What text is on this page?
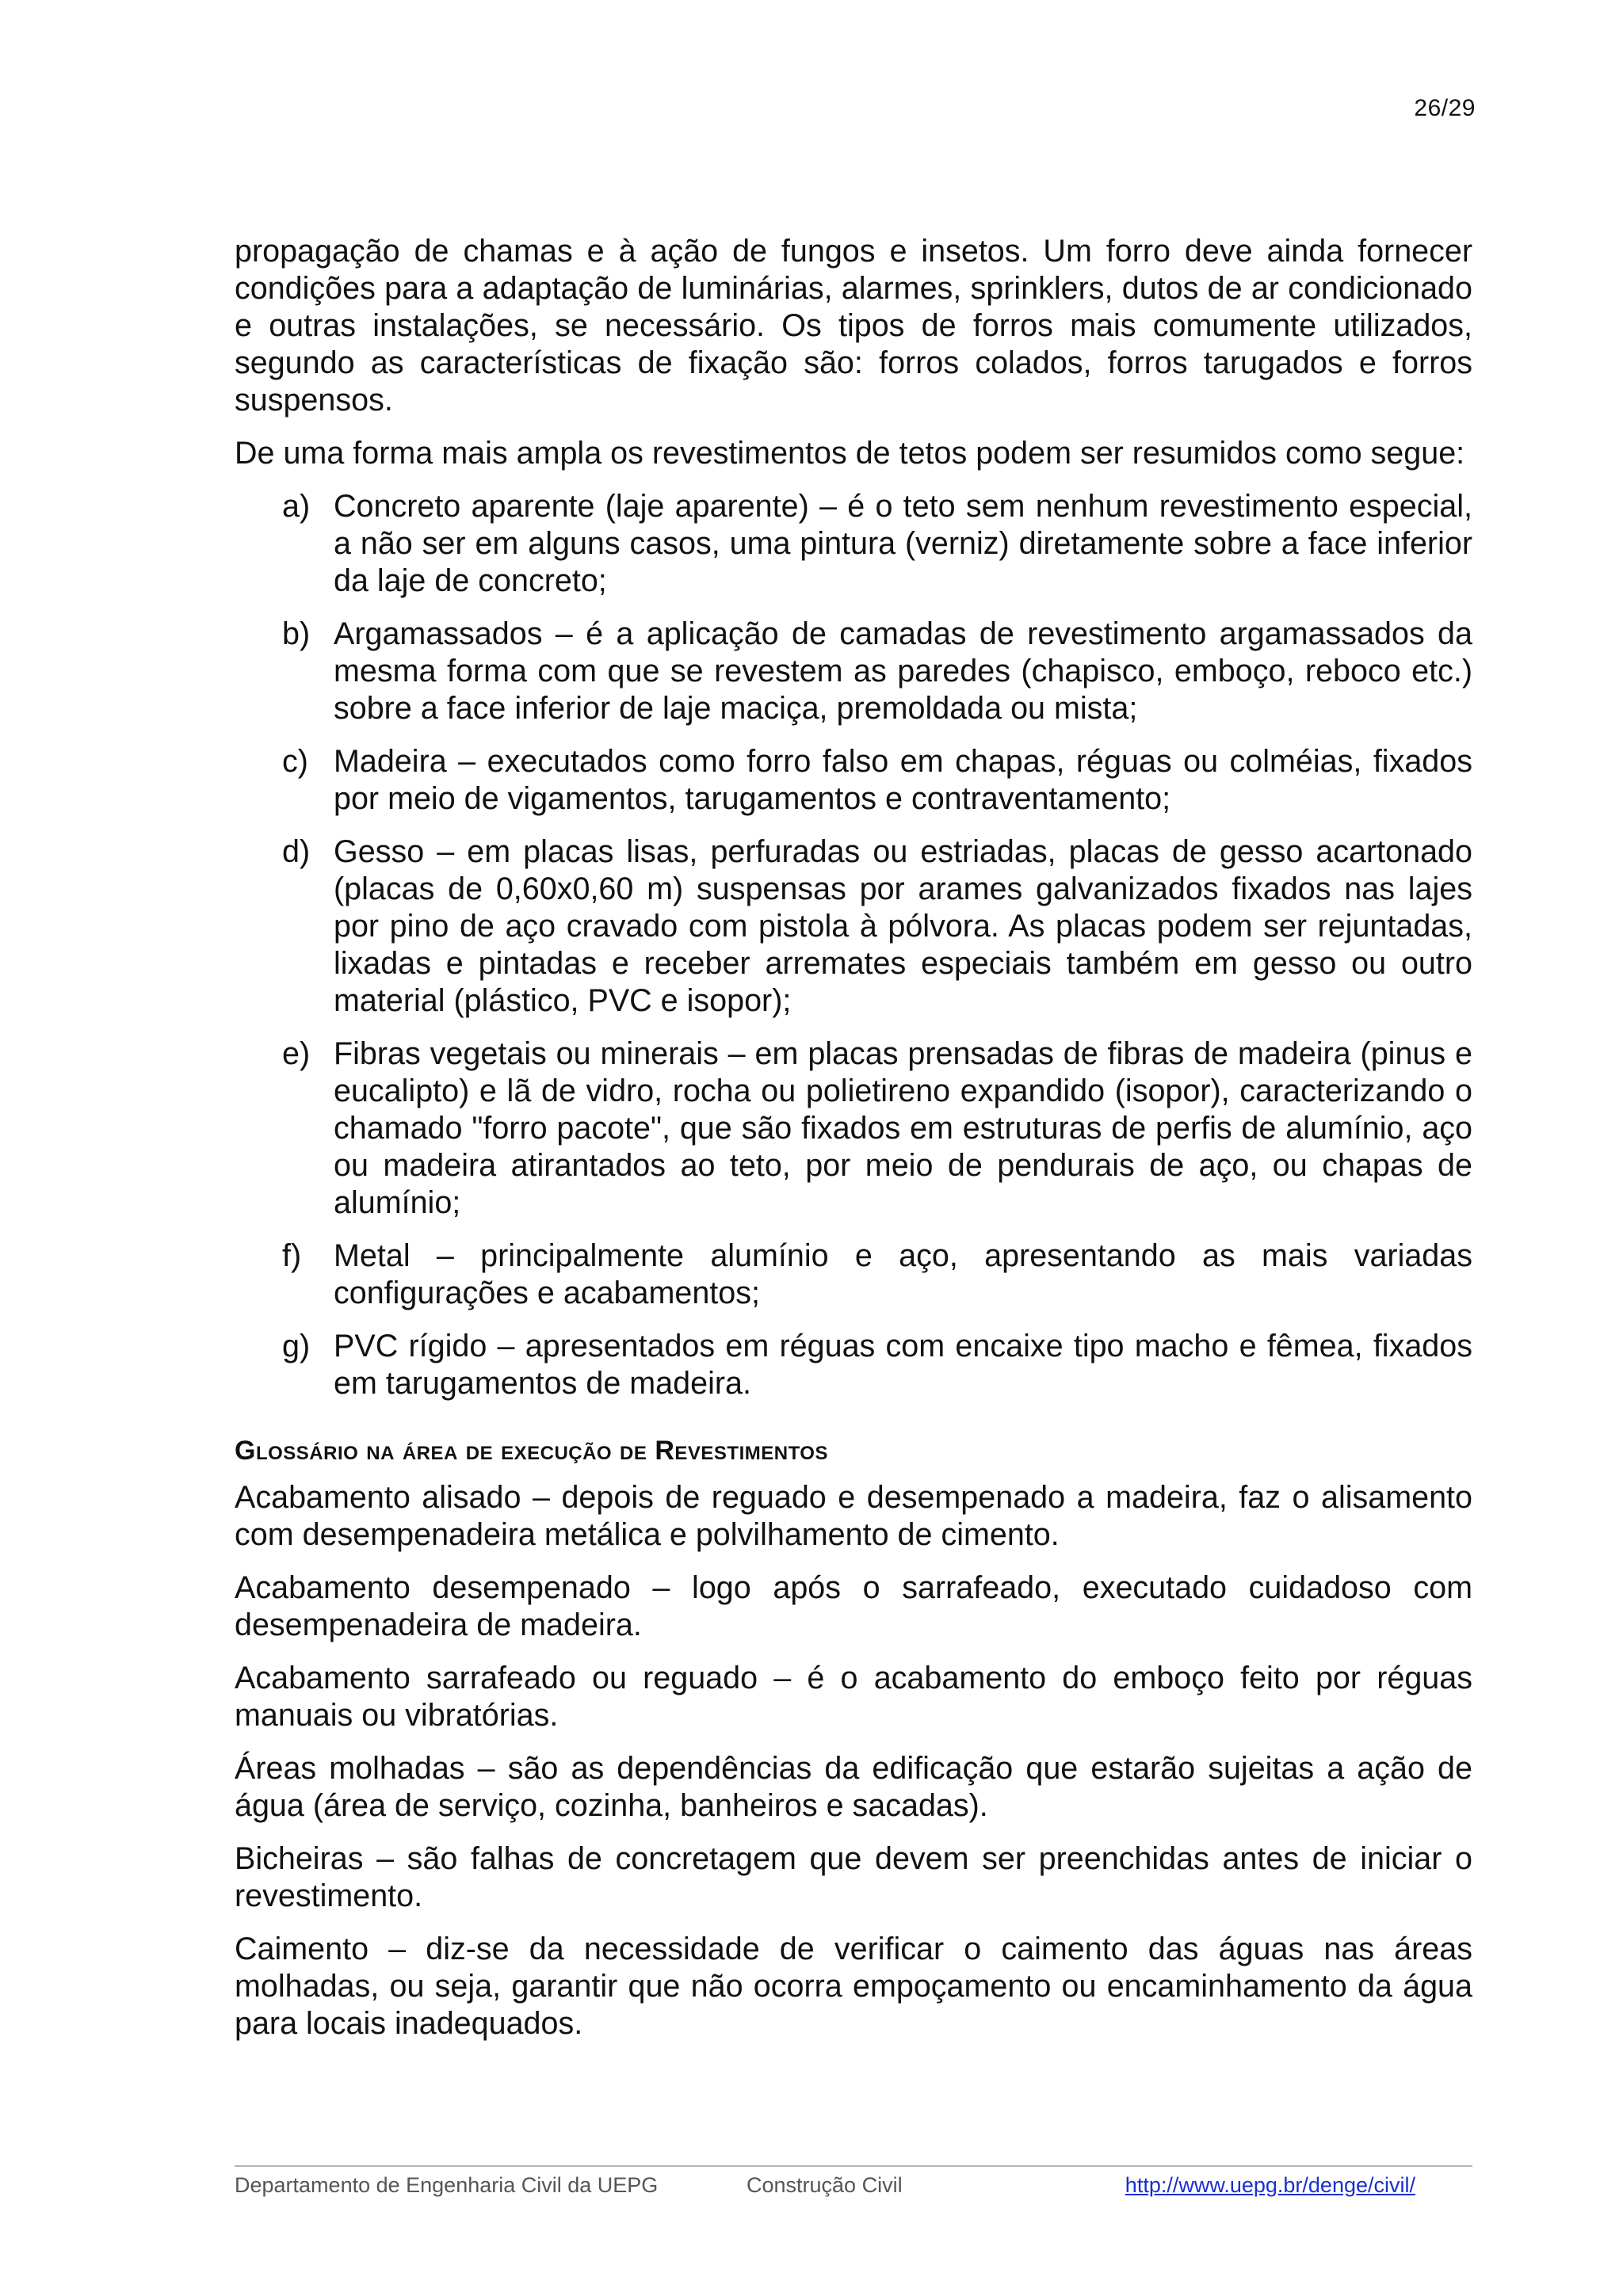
26/29

propagação de chamas e à ação de fungos e insetos. Um forro deve ainda fornecer condições para a adaptação de luminárias, alarmes, sprinklers, dutos de ar condicionado e outras instalações, se necessário. Os tipos de forros mais comumente utilizados, segundo as características de fixação são: forros colados, forros tarugados e forros suspensos.

De uma forma mais ampla os revestimentos de tetos podem ser resumidos como segue:

a) Concreto aparente (laje aparente) – é o teto sem nenhum revestimento especial, a não ser em alguns casos, uma pintura (verniz) diretamente sobre a face inferior da laje de concreto;
b) Argamassados – é a aplicação de camadas de revestimento argamassados da mesma forma com que se revestem as paredes (chapisco, emboço, reboco etc.) sobre a face inferior de laje maciça, premoldada ou mista;
c) Madeira – executados como forro falso em chapas, réguas ou colméias, fixados por meio de vigamentos, tarugamentos e contraventamento;
d) Gesso – em placas lisas, perfuradas ou estriadas, placas de gesso acartonado (placas de 0,60x0,60 m) suspensas por arames galvanizados fixados nas lajes por pino de aço cravado com pistola à pólvora. As placas podem ser rejuntadas, lixadas e pintadas e receber arremates especiais também em gesso ou outro material (plástico, PVC e isopor);
e) Fibras vegetais ou minerais – em placas prensadas de fibras de madeira (pinus e eucalipto) e lã de vidro, rocha ou polietireno expandido (isopor), caracterizando o chamado "forro pacote", que são fixados em estruturas de perfis de alumínio, aço ou madeira atirantados ao teto, por meio de pendurais de aço, ou chapas de alumínio;
f) Metal – principalmente alumínio e aço, apresentando as mais variadas configurações e acabamentos;
g) PVC rígido – apresentados em réguas com encaixe tipo macho e fêmea, fixados em tarugamentos de madeira.
Glossário na área de execução de Revestimentos

Acabamento alisado – depois de reguado e desempenado a madeira, faz o alisamento com desempenadeira metálica e polvilhamento de cimento.

Acabamento desempenado – logo após o sarrafeado, executado cuidadoso com desempenadeira de madeira.

Acabamento sarrafeado ou reguado – é o acabamento do emboço feito por réguas manuais ou vibratórias.

Áreas molhadas – são as dependências da edificação que estarão sujeitas a ação de água (área de serviço, cozinha, banheiros e sacadas).

Bicheiras – são falhas de concretagem que devem ser preenchidas antes de iniciar o revestimento.

Caimento – diz-se da necessidade de verificar o caimento das águas nas áreas molhadas, ou seja, garantir que não ocorra empoçamento ou encaminhamento da água para locais inadequados.

Departamento de Engenharia Civil da UEPG	Construção Civil	http://www.uepg.br/denge/civil/
